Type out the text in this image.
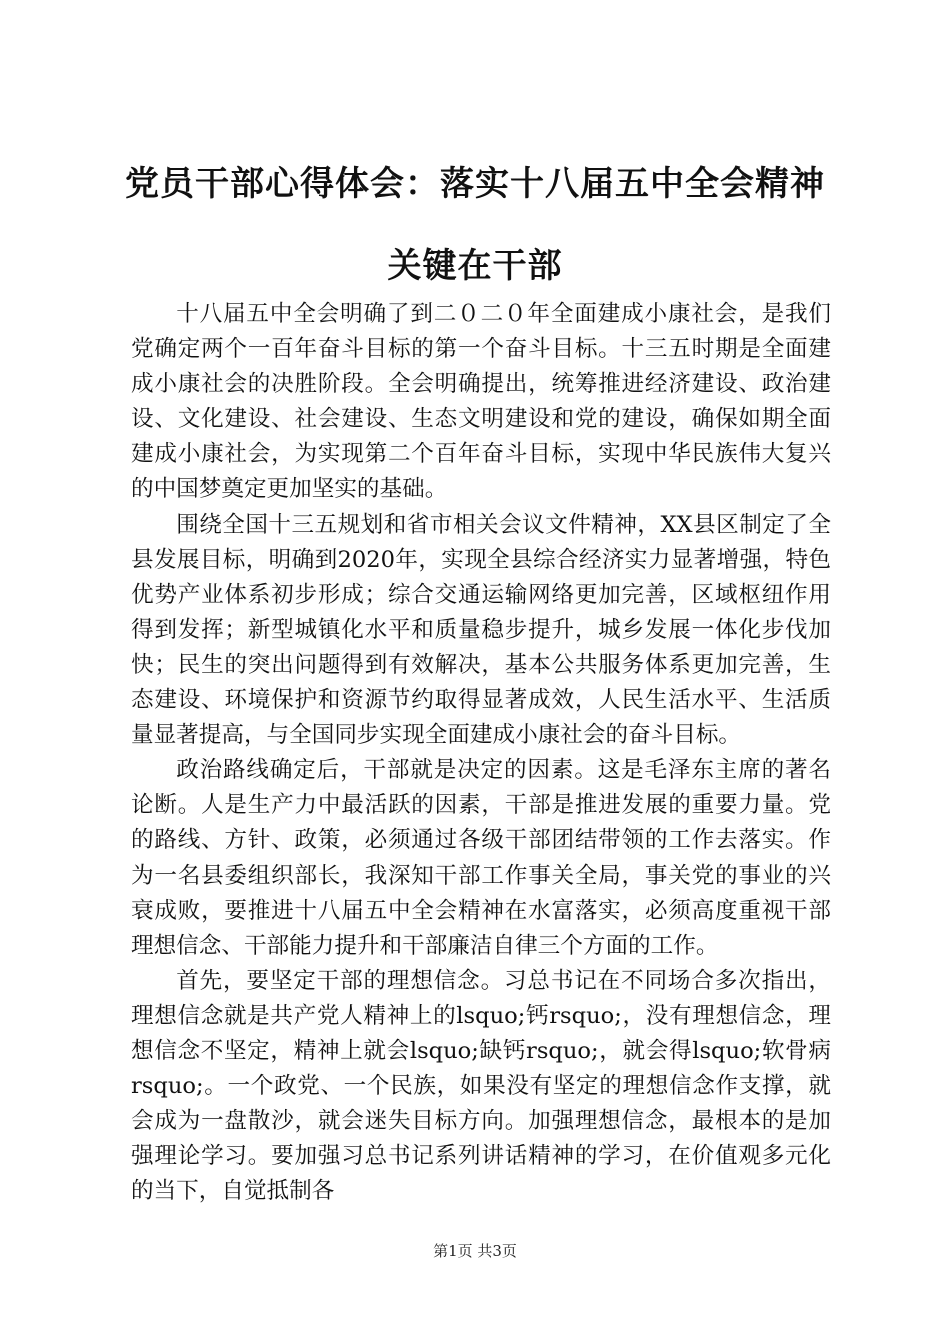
党员干部心得体会：落实十八届五中全会精神
关键在干部

十八届五中全会明确了到二０二０年全面建成小康社会，是我们党确定两个一百年奋斗目标的第一个奋斗目标。十三五时期是全面建成小康社会的决胜阶段。全会明确提出，统筹推进经济建设、政治建设、文化建设、社会建设、生态文明建设和党的建设，确保如期全面建成小康社会，为实现第二个百年奋斗目标，实现中华民族伟大复兴的中国梦奠定更加坚实的基础。

围绕全国十三五规划和省市相关会议文件精神，XX县区制定了全县发展目标，明确到2020年，实现全县综合经济实力显著增强，特色优势产业体系初步形成；综合交通运输网络更加完善，区域枢纽作用得到发挥；新型城镇化水平和质量稳步提升，城乡发展一体化步伐加快；民生的突出问题得到有效解决，基本公共服务体系更加完善，生态建设、环境保护和资源节约取得显著成效，人民生活水平、生活质量显著提高，与全国同步实现全面建成小康社会的奋斗目标。

政治路线确定后，干部就是决定的因素。这是毛泽东主席的著名论断。人是生产力中最活跃的因素，干部是推进发展的重要力量。党的路线、方针、政策，必须通过各级干部团结带领的工作去落实。作为一名县委组织部长，我深知干部工作事关全局，事关党的事业的兴衰成败，要推进十八届五中全会精神在水富落实，必须高度重视干部理想信念、干部能力提升和干部廉洁自律三个方面的工作。

首先，要坚定干部的理想信念。习总书记在不同场合多次指出，理想信念就是共产党人精神上的lsquo;钙rsquo;，没有理想信念，理想信念不坚定，精神上就会lsquo;缺钙rsquo;，就会得lsquo;软骨病rsquo;。一个政党、一个民族，如果没有坚定的理想信念作支撑，就会成为一盘散沙，就会迷失目标方向。加强理想信念，最根本的是加强理论学习。要加强习总书记系列讲话精神的学习，在价值观多元化的当下，自觉抵制各

第1页 共3页
